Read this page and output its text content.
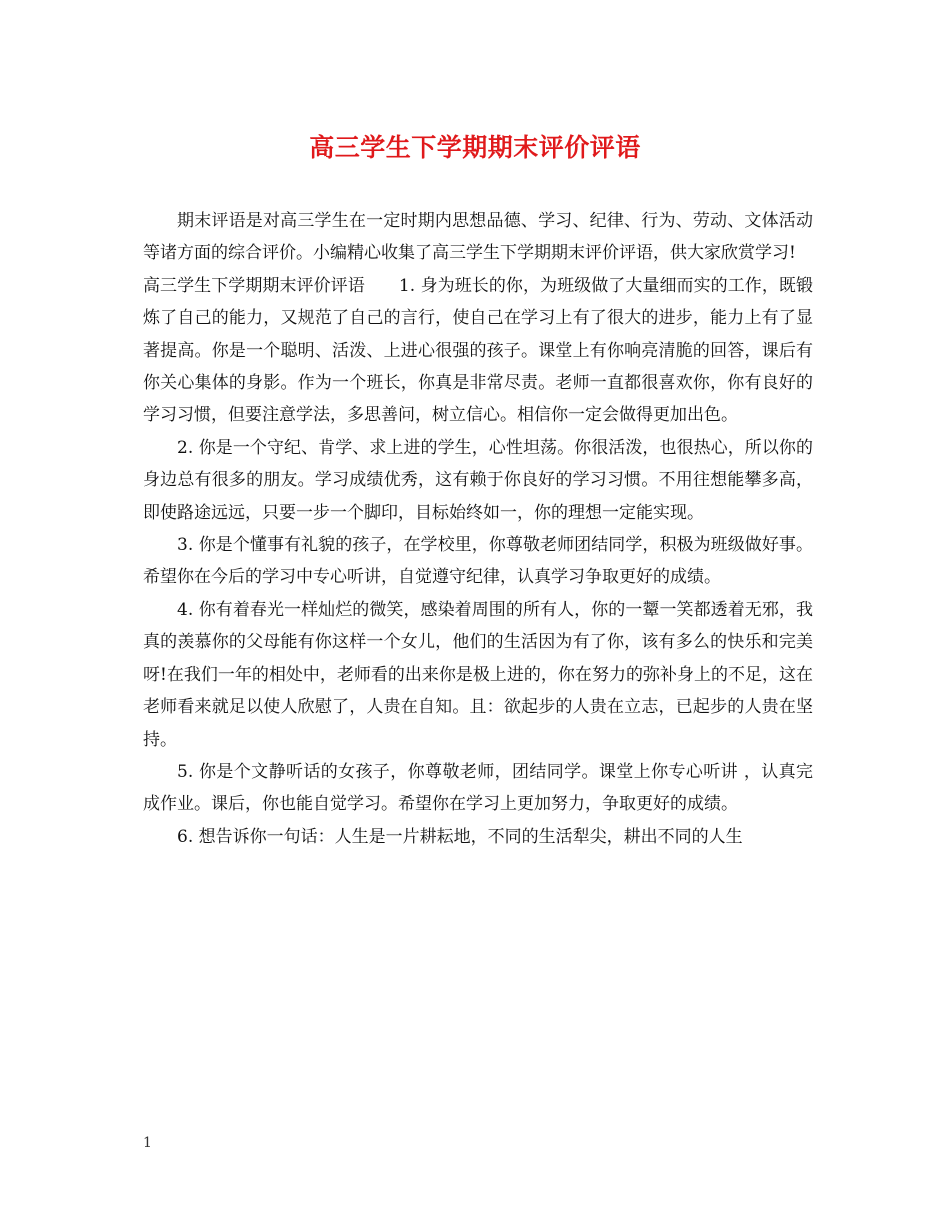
高三学生下学期期末评价评语

期末评语是对高三学生在一定时期内思想品德、学习、纪律、行为、劳动、文体活动等诸方面的综合评价。小编精心收集了高三学生下学期期末评价评语，供大家欣赏学习!

高三学生下学期期末评价评语　　1. 身为班长的你，为班级做了大量细而实的工作，既锻炼了自己的能力，又规范了自己的言行，使自己在学习上有了很大的进步，能力上有了显著提高。你是一个聪明、活泼、上进心很强的孩子。课堂上有你响亮清脆的回答，课后有你关心集体的身影。作为一个班长，你真是非常尽责。老师一直都很喜欢你，你有良好的学习习惯，但要注意学法，多思善问，树立信心。相信你一定会做得更加出色。

2. 你是一个守纪、肯学、求上进的学生，心性坦荡。你很活泼，也很热心，所以你的身边总有很多的朋友。学习成绩优秀，这有赖于你良好的学习习惯。不用往想能攀多高，即使路途远远，只要一步一个脚印，目标始终如一，你的理想一定能实现。

3. 你是个懂事有礼貌的孩子，在学校里，你尊敬老师团结同学，积极为班级做好事。希望你在今后的学习中专心听讲，自觉遵守纪律，认真学习争取更好的成绩。

4. 你有着春光一样灿烂的微笑，感染着周围的所有人，你的一颦一笑都透着无邪，我真的羡慕你的父母能有你这样一个女儿，他们的生活因为有了你，该有多么的快乐和完美呀!在我们一年的相处中，老师看的出来你是极上进的，你在努力的弥补身上的不足，这在老师看来就足以使人欣慰了，人贵在自知。且：欲起步的人贵在立志，已起步的人贵在坚持。

5. 你是个文静听话的女孩子，你尊敬老师，团结同学。课堂上你专心听讲 ，认真完成作业。课后，你也能自觉学习。希望你在学习上更加努力，争取更好的成绩。

6. 想告诉你一句话：人生是一片耕耘地，不同的生活犁尖，耕出不同的人生

1
